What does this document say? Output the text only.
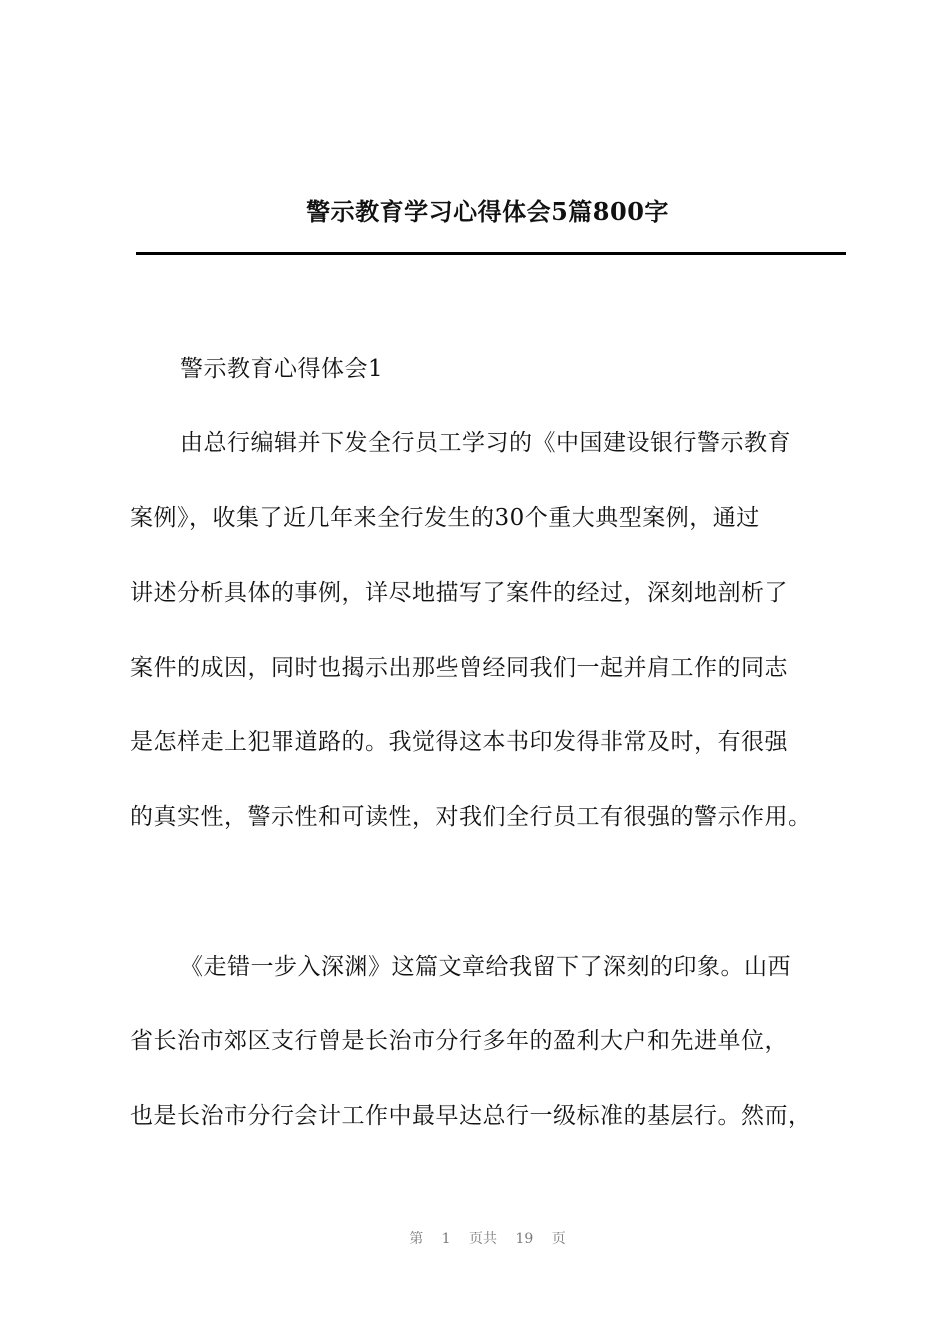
警示教育学习心得体会5篇800字
警示教育心得体会1
由总行编辑并下发全行员工学习的《中国建设银行警示教育
案例》，收集了近几年来全行发生的30个重大典型案例，通过
讲述分析具体的事例，详尽地描写了案件的经过，深刻地剖析了
案件的成因，同时也揭示出那些曾经同我们一起并肩工作的同志
是怎样走上犯罪道路的。我觉得这本书印发得非常及时，有很强
的真实性，警示性和可读性，对我们全行员工有很强的警示作用。
《走错一步入深渊》这篇文章给我留下了深刻的印象。山西
省长治市郊区支行曾是长治市分行多年的盈利大户和先进单位，
也是长治市分行会计工作中最早达总行一级标准的基层行。然而，
第 1 页共 19 页
